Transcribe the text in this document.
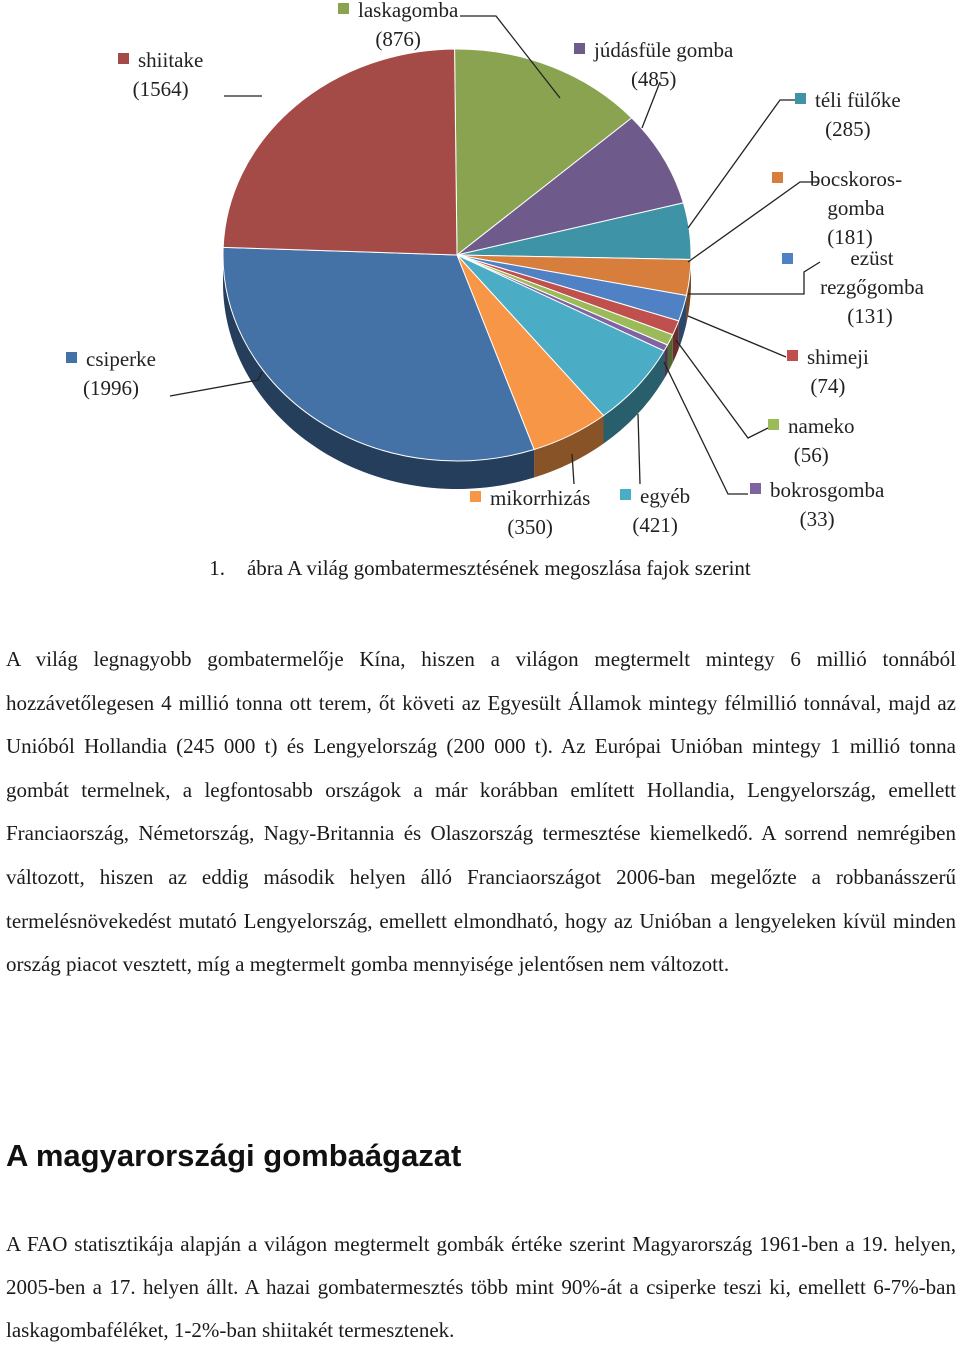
shiitake
(1564)
laskagomba
(876)	júdásfüle gomba
(485)
téli fülőke
(285)
bocskoros-gomba
(181)
ezüst rezgőgomba
(131)
shimeji
(74)
nameko
(56)
bokrosgomba
(33)
egyéb
(421)
mikorrhizás
(350)
csiperke
(1996)
1. ábra A világ gombatermesztésének megoszlása fajok szerint

A világ legnagyobb gombatermelője Kína, hiszen a világon megtermelt mintegy 6 millió tonnából hozzávetőlegesen 4 millió tonna ott terem, őt követi az Egyesült Államok mintegy félmillió tonnával, majd az Unióból Hollandia (245 000 t) és Lengyelország (200 000 t). Az Európai Unióban mintegy 1 millió tonna gombát termelnek, a legfontosabb országok a már korábban említett Hollandia, Lengyelország, emellett Franciaország, Németország, Nagy-Britannia és Olaszország termesztése kiemelkedő. A sorrend nemrégiben változott, hiszen az eddig második helyen álló Franciaországot 2006-ban megelőzte a robbanásszerű termelésnövekedést mutató Lengyelország, emellett elmondható, hogy az Unióban a lengyeleken kívül minden ország piacot vesztett, míg a megtermelt gomba mennyisége jelentősen nem változott.

A magyarországi gombaágazat

A FAO statisztikája alapján a világon megtermelt gombák értéke szerint Magyarország 1961-ben a 19. helyen, 2005-ben a 17. helyen állt. A hazai gombatermesztés több mint 90%-át a csiperke teszi ki, emellett 6-7%-ban laskagombaféléket, 1-2%-ban shiitakét termesztenek.
